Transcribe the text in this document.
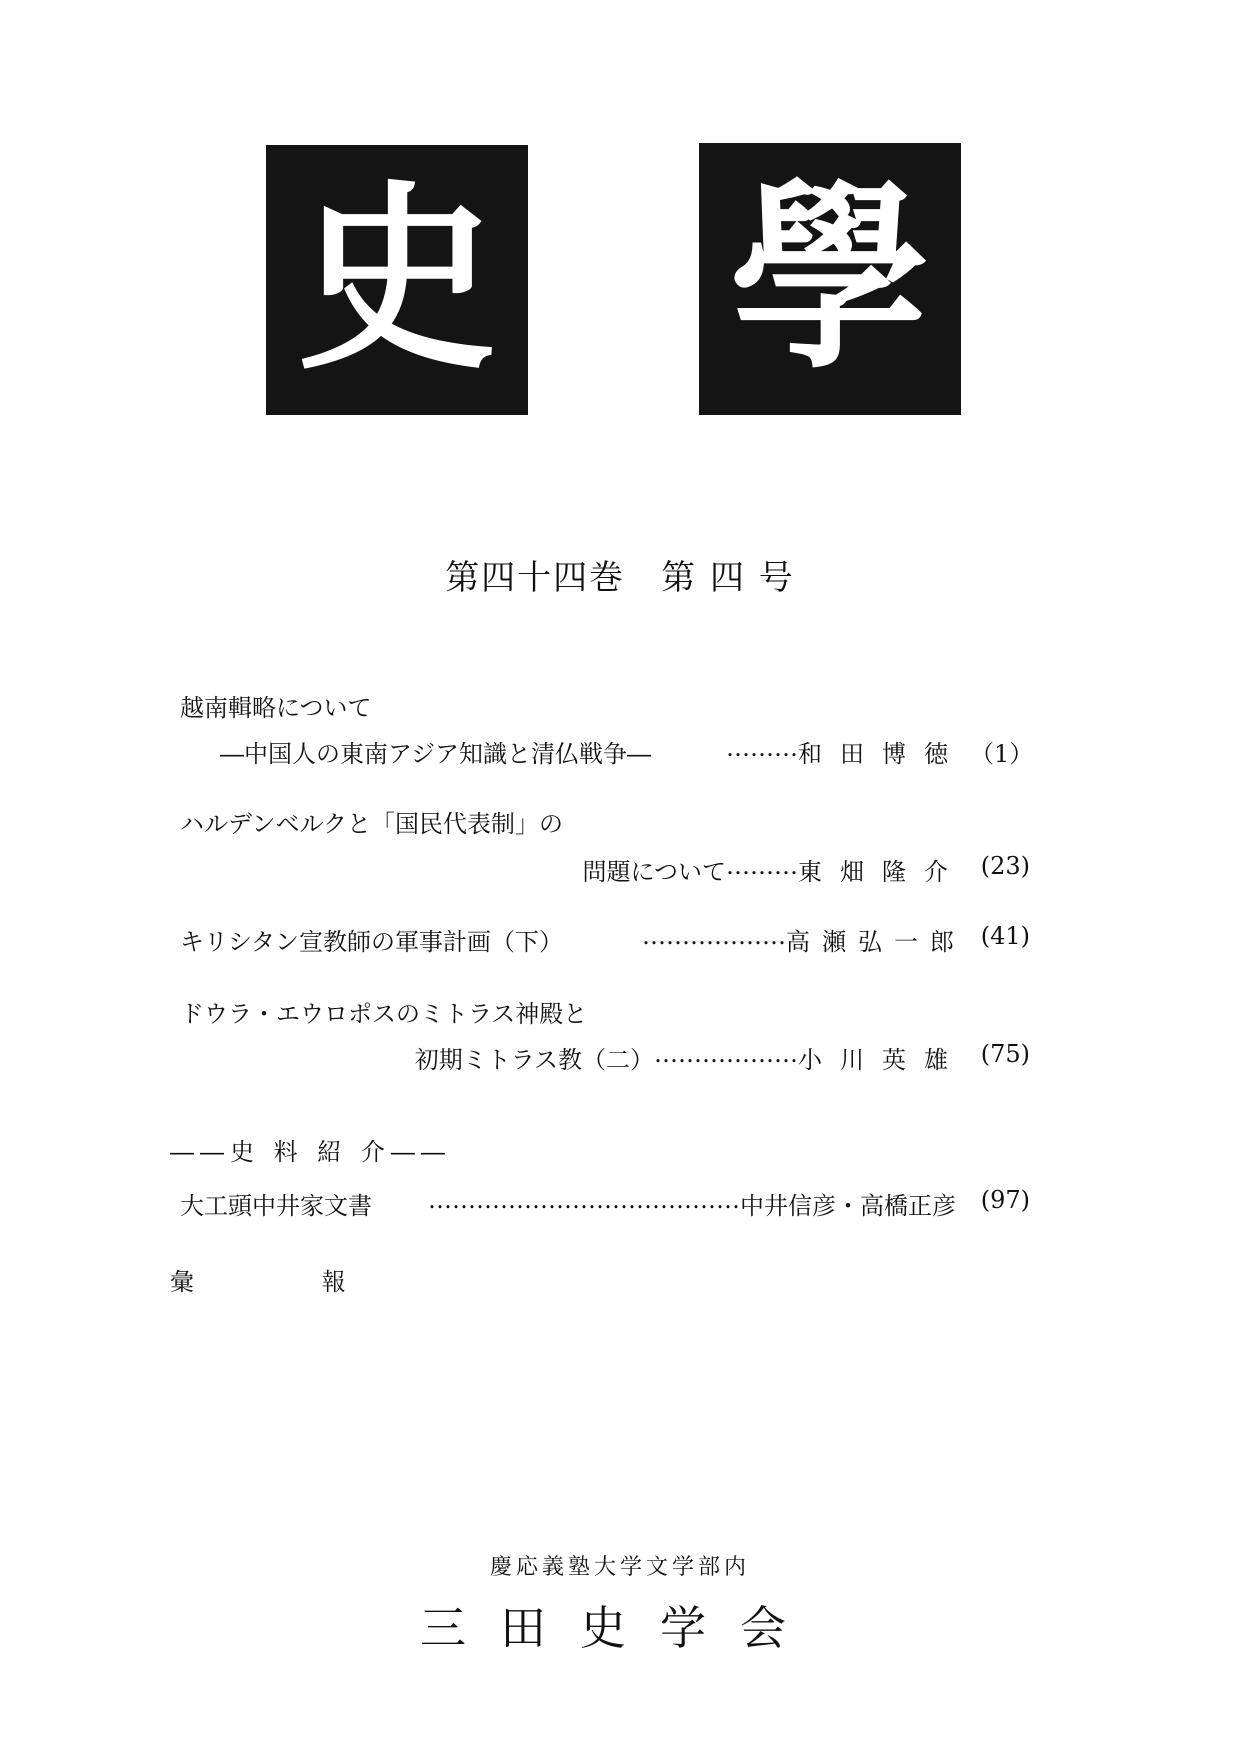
史 學
第四十四巻　第 四 号
越南輯略について
―中国人の東南アジア知識と清仏戦争―	……… 和田博徳 （1）
ハルデンベルクと「国民代表制」の
問題について ……… 東畑隆介 (23)
キリシタン宣教師の軍事計画（下）	……………… 高瀬弘一郎 (41)
ドウラ・エウロポスのミトラス神殿と
初期ミトラス教（二） ……………… 小川英雄 (75)
大工頭中井家文書 ………………………………… 中井信彦・高橋正彦	(97)
――史 料 紹 介――
彙 報
慶応義塾大学文学部内
三田史学会
